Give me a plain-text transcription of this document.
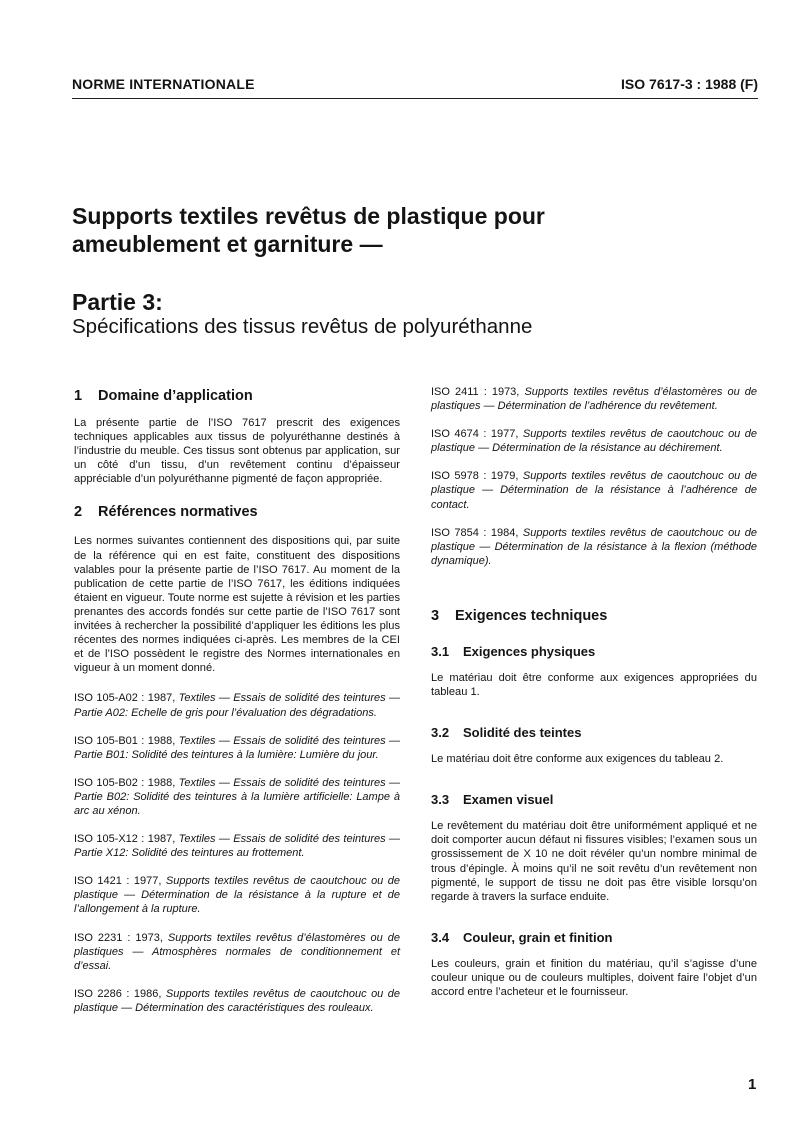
NORME INTERNATIONALE	ISO 7617-3 : 1988 (F)
Supports textiles revêtus de plastique pour
ameublement et garniture —
Partie 3:
Spécifications des tissus revêtus de polyuréthanne
1	Domaine d’application

La présente partie de l’ISO 7617 prescrit des exigences techniques applicables aux tissus de polyuréthanne destinés à l’industrie du meuble. Ces tissus sont obtenus par application, sur un côté d’un tissu, d’un revêtement continu d’épaisseur appréciable d’un polyuréthanne pigmenté de façon appropriée.

2	Références normatives

Les normes suivantes contiennent des dispositions qui, par suite de la référence qui en est faite, constituent des dispositions valables pour la présente partie de l’ISO 7617. Au moment de la publication de cette partie de l’ISO 7617, les éditions indiquées étaient en vigueur. Toute norme est sujette à révision et les parties prenantes des accords fondés sur cette partie de l’ISO 7617 sont invitées à rechercher la possibilité d’appliquer les éditions les plus récentes des normes indiquées ci-après. Les membres de la CEI et de l’ISO possèdent le registre des Normes internationales en vigueur à un moment donné.

ISO 105-A02 : 1987, Textiles — Essais de solidité des teintures — Partie A02: Echelle de gris pour l’évaluation des dégradations.
ISO 105-B01 : 1988, Textiles — Essais de solidité des teintures — Partie B01: Solidité des teintures à la lumière: Lumière du jour.
ISO 105-B02 : 1988, Textiles — Essais de solidité des teintures — Partie B02: Solidité des teintures à la lumière artificielle: Lampe à arc au xénon.
ISO 105-X12 : 1987, Textiles — Essais de solidité des teintures — Partie X12: Solidité des teintures au frottement.
ISO 1421 : 1977, Supports textiles revêtus de caoutchouc ou de plastique — Détermination de la résistance à la rupture et de l’allongement à la rupture.
ISO 2231 : 1973, Supports textiles revêtus d’élastomères ou de plastiques — Atmosphères normales de conditionnement et d’essai.
ISO 2286 : 1986, Supports textiles revêtus de caoutchouc ou de plastique — Détermination des caractéristiques des rouleaux.
ISO 2411 : 1973, Supports textiles revêtus d’élastomères ou de plastiques — Détermination de l’adhérence du revêtement.
ISO 4674 : 1977, Supports textiles revêtus de caoutchouc ou de plastique — Détermination de la résistance au déchirement.
ISO 5978 : 1979, Supports textiles revêtus de caoutchouc ou de plastique — Détermination de la résistance à l’adhérence de contact.
ISO 7854 : 1984, Supports textiles revêtus de caoutchouc ou de plastique — Détermination de la résistance à la flexion (méthode dynamique).
3	Exigences techniques
3.1	Exigences physiques

Le matériau doit être conforme aux exigences appropriées du tableau 1.

3.2	Solidité des teintes

Le matériau doit être conforme aux exigences du tableau 2.

3.3	Examen visuel

Le revêtement du matériau doit être uniformément appliqué et ne doit comporter aucun défaut ni fissures visibles; l’examen sous un grossissement de X 10 ne doit révéler qu’un nombre minimal de trous d’épingle. À moins qu’il ne soit revêtu d’un revêtement non pigmenté, le support de tissu ne doit pas être visible lorsqu’on regarde à travers la surface enduite.

3.4	Couleur, grain et finition

Les couleurs, grain et finition du matériau, qu’il s’agisse d’une couleur unique ou de couleurs multiples, doivent faire l’objet d’un accord entre l’acheteur et le fournisseur.

1
